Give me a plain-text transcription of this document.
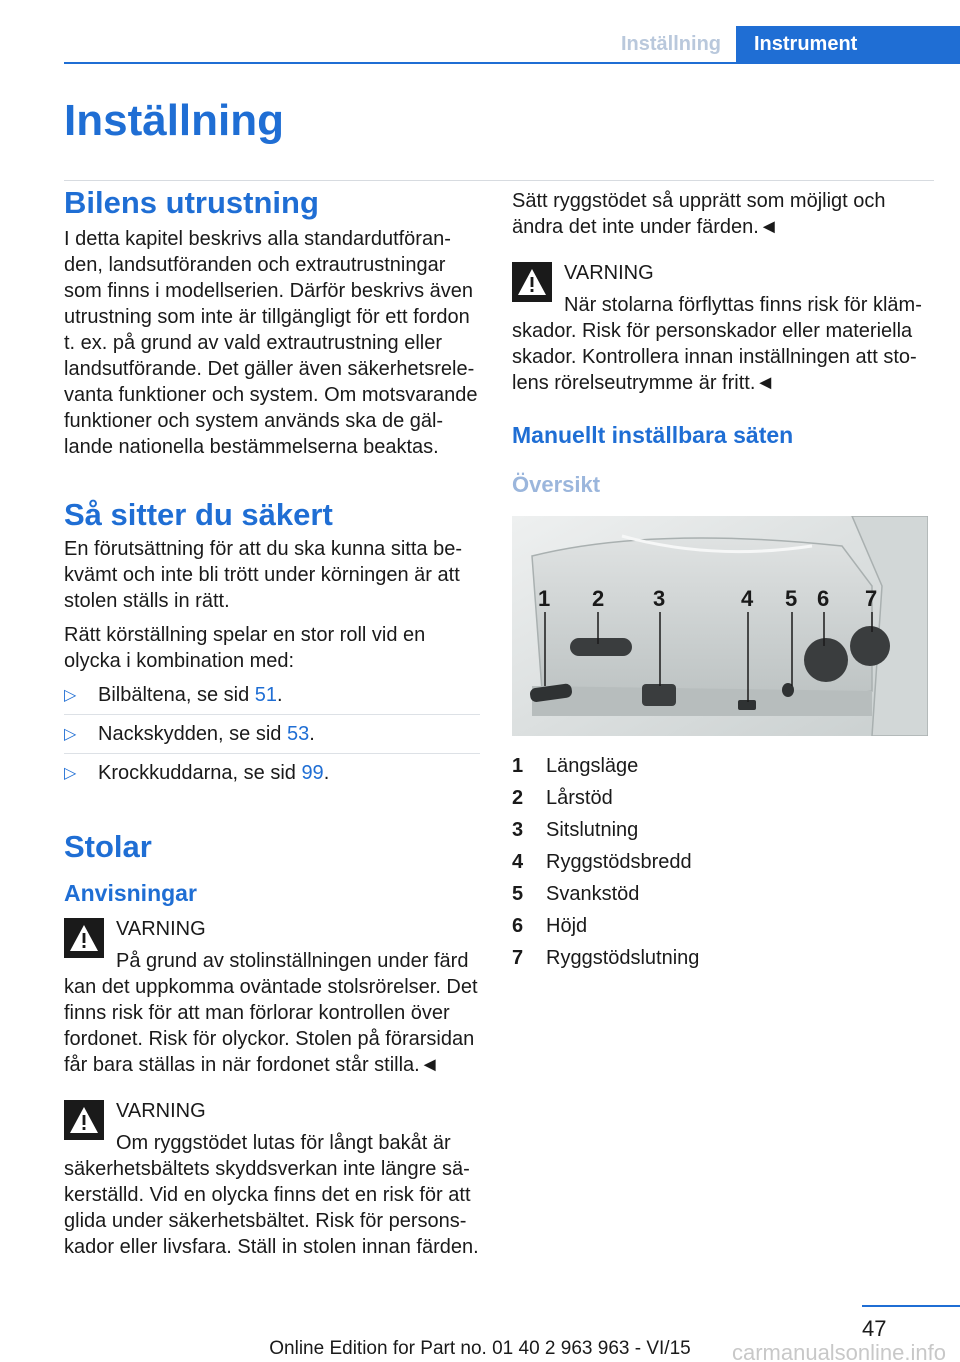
Inställning	Instrument
Inställning
Bilens utrustning

I detta kapitel beskrivs alla standardutföran-
den, landsutföranden och extrautrustningar
som finns i modellserien. Därför beskrivs även
utrustning som inte är tillgängligt för ett fordon
t. ex. på grund av vald extrautrustning eller
landsutförande. Det gäller även säkerhetsrele-
vanta funktioner och system. Om motsvarande
funktioner och system används ska de gäl-
lande nationella bestämmelserna beaktas.

Så sitter du säkert

En förutsättning för att du ska kunna sitta be-
kvämt och inte bli trött under körningen är att
stolen ställs in rätt.

Rätt körställning spelar en stor roll vid en
olycka i kombination med:

▷ Bilbältena, se sid 51.
▷ Nackskydden, se sid 53.
▷ Krockkuddarna, se sid 99.
Stolar
Anvisningar
VARNING
På grund av stolinställningen under färd
kan det uppkomma oväntade stolsrörelser. Det
finns risk för att man förlorar kontrollen över
fordonet. Risk för olyckor. Stolen på förarsidan
får bara ställas in när fordonet står stilla.◄
VARNING
Om ryggstödet lutas för långt bakåt är
säkerhetsbältets skyddsverkan inte längre sä-
kerställd. Vid en olycka finns det en risk för att
glida under säkerhetsbältet. Risk för persons-
kador eller livsfara. Ställ in stolen innan färden.

Sätt ryggstödet så upprätt som möjligt och
ändra det inte under färden.◄

VARNING
När stolarna förflyttas finns risk för kläm-
skador. Risk för personskador eller materiella
skador. Kontrollera innan inställningen att sto-
lens rörelseutrymme är fritt.◄
Manuellt inställbara säten
Översikt
1 2 3	4 5 6 7
1 Längsläge
2 Lårstöd
3 Sitslutning
4 Ryggstödsbredd
5 Svankstöd
6 Höjd
7 Ryggstödslutning
47
Online Edition for Part no. 01 40 2 963 963 - VI/15	carmanualsonline.info
